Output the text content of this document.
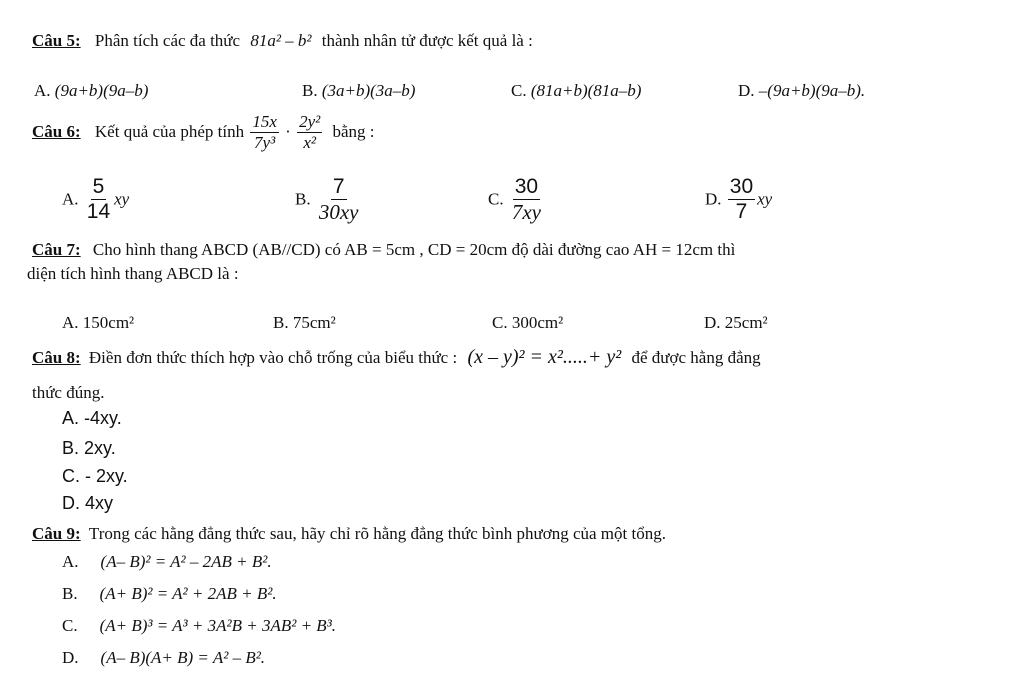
Câu 5: Phân tích các đa thức 81a² – b² thành nhân tử được kết quả là :
A. (9a+b)(9a–b)	B. (3a+b)(3a–b)	C. (81a+b)(81a–b)	D. –(9a+b)(9a–b).
Câu 6: Kết quả của phép tính $\frac{15x}{\text{7y³}} \cdot \frac{\text{2y²}}{\text{x²}}$ bằng :
A. $\frac{5}{14}$ xy	B. $\frac{7}{30xy}$	C. $\frac{30}{7xy}$	D. $\frac{30}{7}$ xy
Câu 7: Cho hình thang ABCD (AB//CD) có AB = 5cm , CD = 20cm độ dài đường cao AH = 12cm thì
diện tích hình thang ABCD là :
A. 150cm²	B. 75cm²	C. 300cm²	D. 25cm²
Câu 8: Điền đơn thức thích hợp vào chỗ trống của biểu thức : (x – y)² = x².....+ y² để được hằng đẳng
thức đúng.
A. -4xy.
B. 2xy.
C. - 2xy.
D. 4xy
Câu 9: Trong các hằng đẳng thức sau, hãy chỉ rõ hằng đẳng thức bình phương của một tổng.
A. (A– B)² = A² – 2AB + B².
B. (A+ B)² = A² + 2AB + B².
C. (A+ B)³ = A³ + 3A²B + 3AB² + B³.
D. (A– B)(A+ B) = A² – B².
